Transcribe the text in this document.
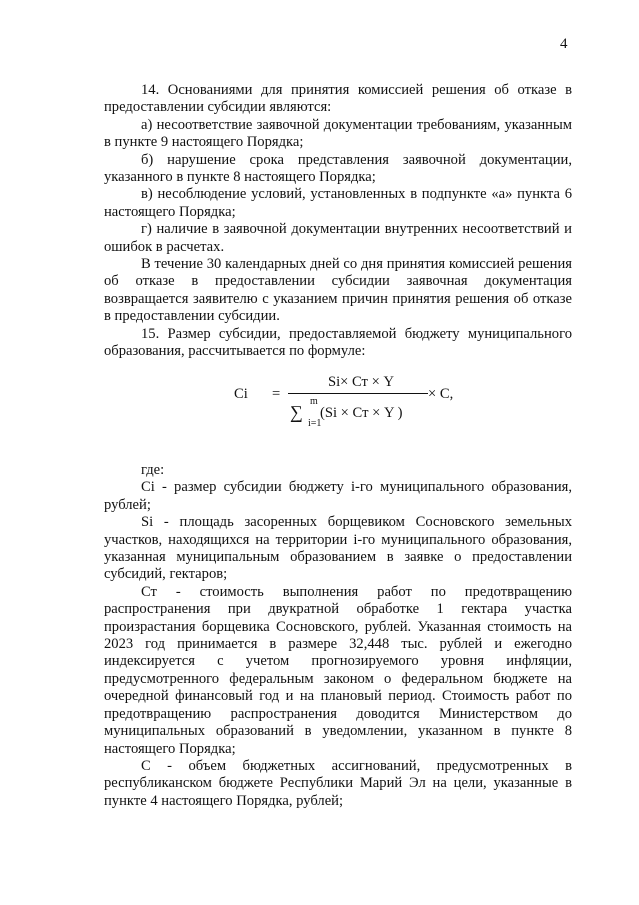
4

14. Основаниями для принятия комиссией решения об отказе в предоставлении субсидии являются:

а) несоответствие заявочной документации требованиям, указанным в пункте 9 настоящего Порядка;

б) нарушение срока представления заявочной документации, указанного в пункте 8 настоящего Порядка;

в) несоблюдение условий, установленных в подпункте «а» пункта 6 настоящего Порядка;

г) наличие в заявочной документации внутренних несоответствий и ошибок в расчетах.

В течение 30 календарных дней со дня принятия комиссией решения об отказе в предоставлении субсидии заявочная документация возвращается заявителю с указанием причин принятия решения об отказе в предоставлении субсидии.

15. Размер субсидии, предоставляемой бюджету муниципального образования, рассчитывается по формуле:

Ci =
Si× Ст × Y
∑
m
i=1
(Si × Ст × Y )
× С,

где:

Ci - размер субсидии бюджету i-го муниципального образования, рублей;

Si - площадь засоренных борщевиком Сосновского земельных участков, находящихся на территории i-го муниципального образования, указанная муниципальным образованием в заявке о предоставлении субсидий, гектаров;

Ст - стоимость выполнения работ по предотвращению распространения при двукратной обработке 1 гектара участка произрастания борщевика Сосновского, рублей. Указанная стоимость на 2023 год принимается в размере 32,448 тыс. рублей и ежегодно индексируется с учетом прогнозируемого уровня инфляции, предусмотренного федеральным законом о федеральном бюджете на очередной финансовый год и на плановый период. Стоимость работ по предотвращению распространения доводится Министерством до муниципальных образований в уведомлении, указанном в пункте 8 настоящего Порядка;

С - объем бюджетных ассигнований, предусмотренных в республиканском бюджете Республики Марий Эл на цели, указанные в пункте 4 настоящего Порядка, рублей;
